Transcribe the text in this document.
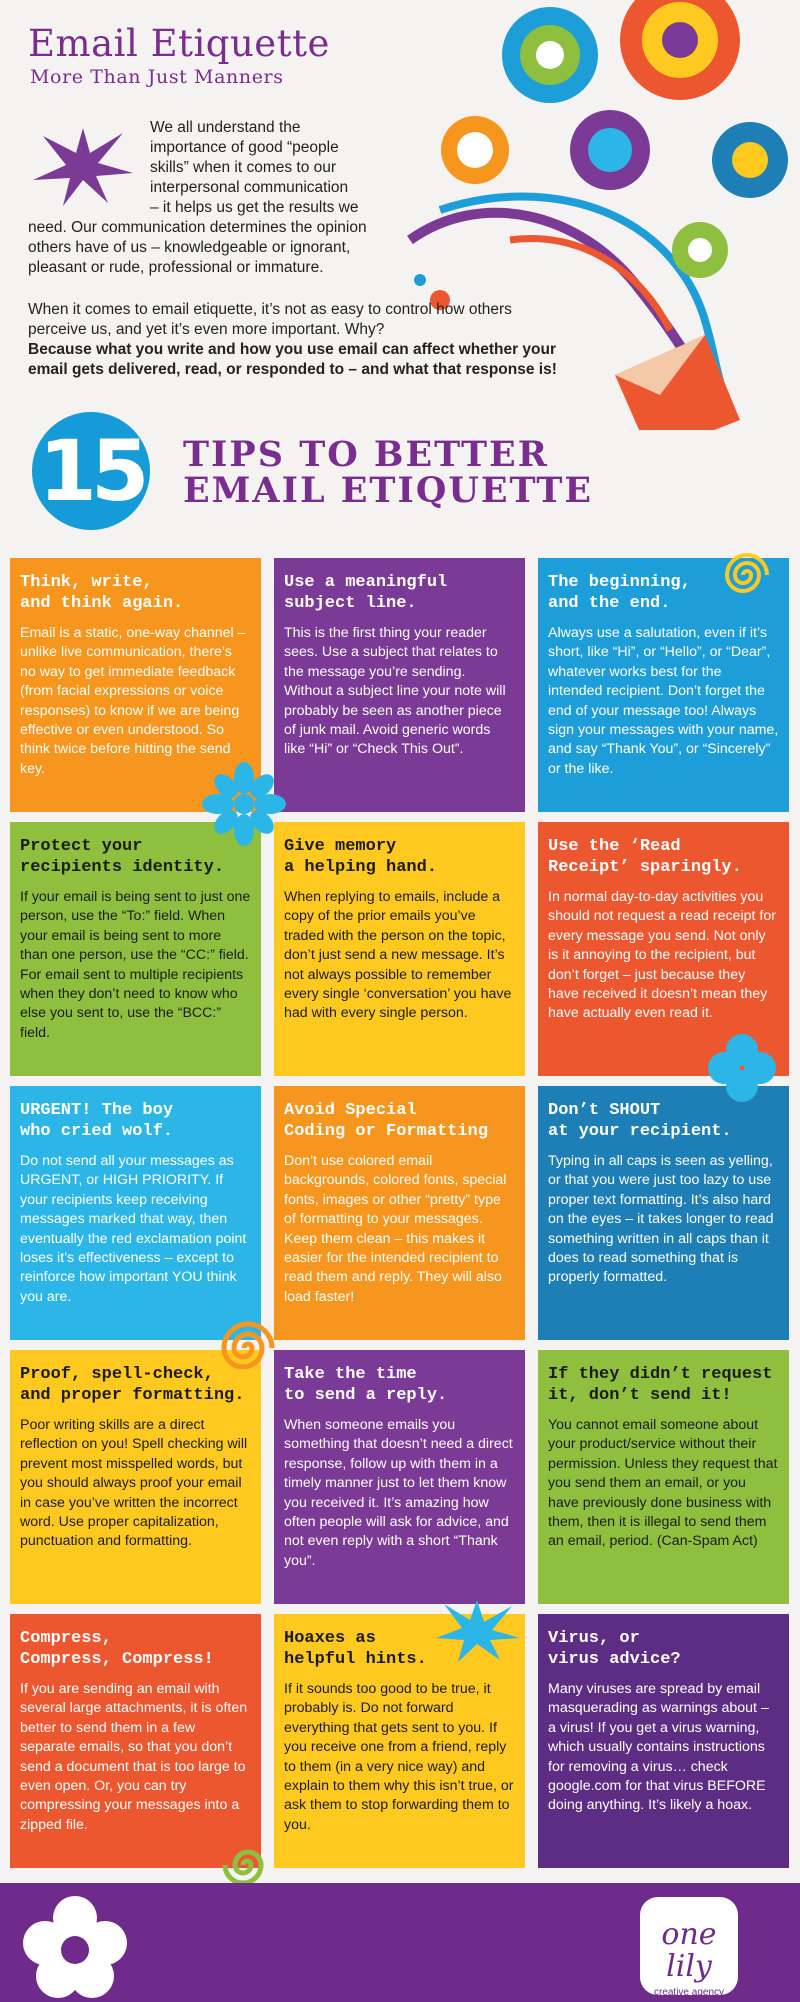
Email Etiquette
More Than Just Manners
We all understand the
importance of good “people
skills” when it comes to our
interpersonal communication
– it helps us get the results we
need. Our communication determines the opinion others have of us – knowledgeable or ignorant, pleasant or rude, professional or immature.
When it comes to email etiquette, it’s not as easy to control how others perceive us, and yet it’s even more important. Why?
Because what you write and how you use email can affect whether your email gets delivered, read, or responded to – and what that response is!
15 TIPS TO BETTER
EMAIL ETIQUETTE
Think, write,
and think again.

Email is a static, one-way channel – unlike live communication, there’s no way to get immediate feedback (from facial expressions or voice responses) to know if we are being effective or even understood. So think twice before hitting the send key.

Use a meaningful
subject line.

This is the first thing your reader sees. Use a subject that relates to the message you’re sending. Without a subject line your note will probably be seen as another piece of junk mail. Avoid generic words like “Hi” or “Check This Out”.

The beginning,
and the end.

Always use a salutation, even if it’s short, like “Hi”, or “Hello”, or “Dear”, whatever works best for the intended recipient. Don’t forget the end of your message too! Always sign your messages with your name, and say “Thank You”, or “Sincerely” or the like.

Protect your
recipients identity.

If your email is being sent to just one person, use the “To:” field. When your email is being sent to more than one person, use the “CC:” field. For email sent to multiple recipients when they don’t need to know who else you sent to, use the “BCC:” field.

Give memory
a helping hand.

When replying to emails, include a copy of the prior emails you’ve traded with the person on the topic, don’t just send a new message. It’s not always possible to remember every single ‘conversation’ you have had with every single person.

Use the ‘Read
Receipt’ sparingly.

In normal day-to-day activities you should not request a read receipt for every message you send. Not only is it annoying to the recipient, but don’t forget – just because they have received it doesn’t mean they have actually even read it.

URGENT! The boy
who cried wolf.

Do not send all your messages as URGENT, or HIGH PRIORITY. If your recipients keep receiving messages marked that way, then eventually the red exclamation point loses it’s effectiveness – except to reinforce how important YOU think you are.

Avoid Special
Coding or Formatting

Don’t use colored email backgrounds, colored fonts, special fonts, images or other “pretty” type of formatting to your messages. Keep them clean – this makes it easier for the intended recipient to read them and reply. They will also load faster!

Don’t SHOUT
at your recipient.

Typing in all caps is seen as yelling, or that you were just too lazy to use proper text formatting. It’s also hard on the eyes – it takes longer to read something written in all caps than it does to read something that is properly formatted.

Proof, spell-check,
and proper formatting.

Poor writing skills are a direct reflection on you! Spell checking will prevent most misspelled words, but you should always proof your email in case you’ve written the incorrect word. Use proper capitalization, punctuation and formatting.

Take the time
to send a reply.

When someone emails you something that doesn’t need a direct response, follow up with them in a timely manner just to let them know you received it. It’s amazing how often people will ask for advice, and not even reply with a short “Thank you”.

If they didn’t request
it, don’t send it!

You cannot email someone about your product/service without their permission. Unless they request that you send them an email, or you have previously done business with them, then it is illegal to send them an email, period. (Can-Spam Act)

Compress,
Compress, Compress!

If you are sending an email with several large attachments, it is often better to send them in a few separate emails, so that you don’t send a document that is too large to even open. Or, you can try compressing your messages into a zipped file.

Hoaxes as
helpful hints.

If it sounds too good to be true, it probably is. Do not forward everything that gets sent to you. If you receive one from a friend, reply to them (in a very nice way) and explain to them why this isn’t true, or ask them to stop forwarding them to you.

Virus, or
virus advice?

Many viruses are spread by email masquerading as warnings about – a virus! If you get a virus warning, which usually contains instructions for removing a virus… check google.com for that virus BEFORE doing anything. It’s likely a hoax.

one lily
creative agency
